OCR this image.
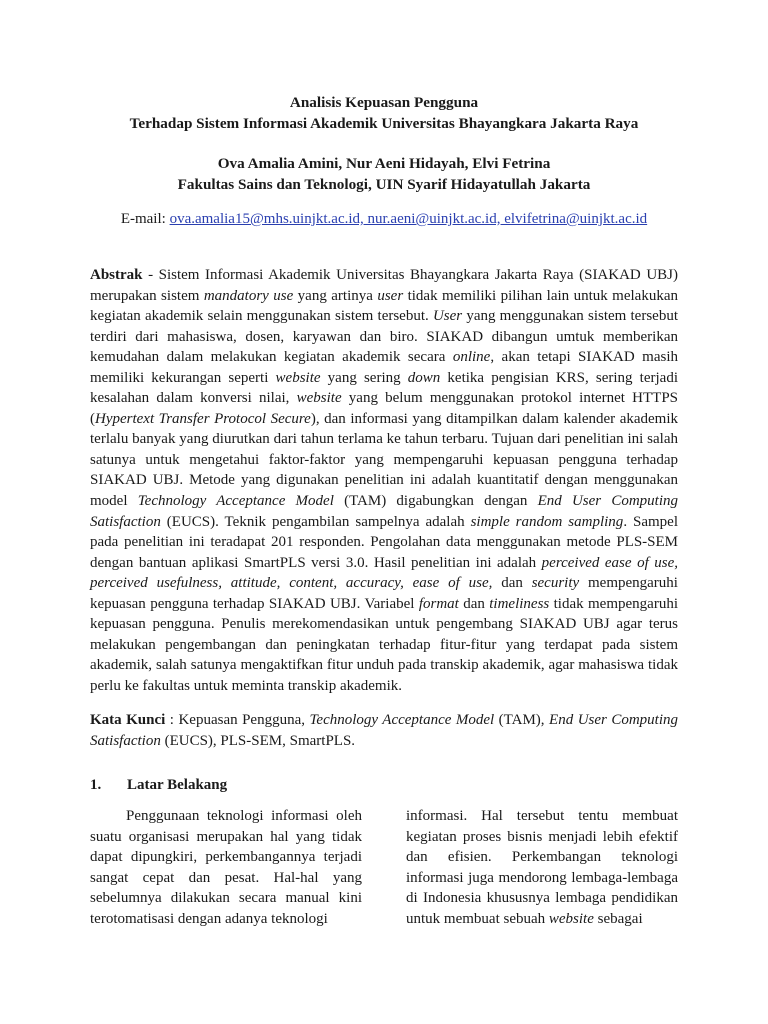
Analisis Kepuasan Pengguna
Terhadap Sistem Informasi Akademik Universitas Bhayangkara Jakarta Raya
Ova Amalia Amini, Nur Aeni Hidayah, Elvi Fetrina
Fakultas Sains dan Teknologi, UIN Syarif Hidayatullah Jakarta
E-mail: ova.amalia15@mhs.uinjkt.ac.id, nur.aeni@uinjkt.ac.id, elvifetrina@uinjkt.ac.id
Abstrak - Sistem Informasi Akademik Universitas Bhayangkara Jakarta Raya (SIAKAD UBJ) merupakan sistem mandatory use yang artinya user tidak memiliki pilihan lain untuk melakukan kegiatan akademik selain menggunakan sistem tersebut. User yang menggunakan sistem tersebut terdiri dari mahasiswa, dosen, karyawan dan biro. SIAKAD dibangun umtuk memberikan kemudahan dalam melakukan kegiatan akademik secara online, akan tetapi SIAKAD masih memiliki kekurangan seperti website yang sering down ketika pengisian KRS, sering terjadi kesalahan dalam konversi nilai, website yang belum menggunakan protokol internet HTTPS (Hypertext Transfer Protocol Secure), dan informasi yang ditampilkan dalam kalender akademik terlalu banyak yang diurutkan dari tahun terlama ke tahun terbaru. Tujuan dari penelitian ini salah satunya untuk mengetahui faktor-faktor yang mempengaruhi kepuasan pengguna terhadap SIAKAD UBJ. Metode yang digunakan penelitian ini adalah kuantitatif dengan menggunakan model Technology Acceptance Model (TAM) digabungkan dengan End User Computing Satisfaction (EUCS). Teknik pengambilan sampelnya adalah simple random sampling. Sampel pada penelitian ini teradapat 201 responden. Pengolahan data menggunakan metode PLS-SEM dengan bantuan aplikasi SmartPLS versi 3.0. Hasil penelitian ini adalah perceived ease of use, perceived usefulness, attitude, content, accuracy, ease of use, dan security mempengaruhi kepuasan pengguna terhadap SIAKAD UBJ. Variabel format dan timeliness tidak mempengaruhi kepuasan pengguna. Penulis merekomendasikan untuk pengembang SIAKAD UBJ agar terus melakukan pengembangan dan peningkatan terhadap fitur-fitur yang terdapat pada sistem akademik, salah satunya mengaktifkan fitur unduh pada transkip akademik, agar mahasiswa tidak perlu ke fakultas untuk meminta transkip akademik.
Kata Kunci : Kepuasan Pengguna, Technology Acceptance Model (TAM), End User Computing Satisfaction (EUCS), PLS-SEM, SmartPLS.
1. Latar Belakang
Penggunaan teknologi informasi oleh suatu organisasi merupakan hal yang tidak dapat dipungkiri, perkembangannya terjadi sangat cepat dan pesat. Hal-hal yang sebelumnya dilakukan secara manual kini terotomatisasi dengan adanya teknologi
informasi. Hal tersebut tentu membuat kegiatan proses bisnis menjadi lebih efektif dan efisien. Perkembangan teknologi informasi juga mendorong lembaga-lembaga di Indonesia khususnya lembaga pendidikan untuk membuat sebuah website sebagai
